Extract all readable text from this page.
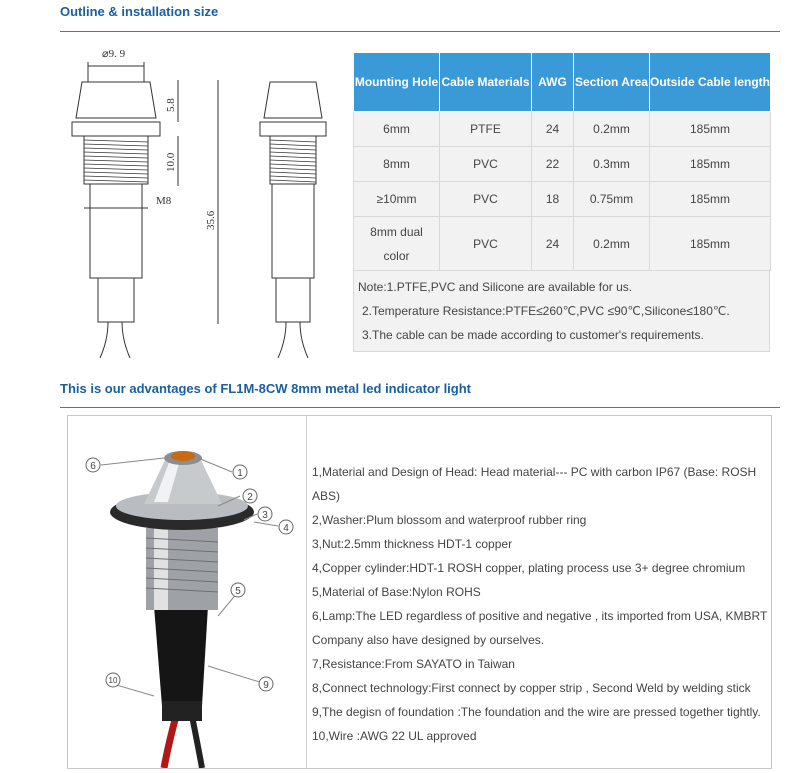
Outline & installation size
⌀9. 9
M8
5.8
10.0
35.6
Mounting Hole	Cable Materials	AWG	Section Area	Outside Cable length
6mm	PTFE	24	0.2mm	185mm
8mm	PVC	22	0.3mm	185mm
≥10mm	PVC	18	0.75mm	185mm
8mm dual color	PVC	24	0.2mm	185mm
Note:1.PTFE,PVC and Silicone are available for us.
2.Temperature Resistance:PTFE≤260℃,PVC ≤90℃,Silicone≤180℃.
3.The cable can be made according to customer's requirements.
This is our advantages of FL1M-8CW 8mm metal led indicator light
6
1
2
3
4
5
9
10
1,Material and Design of Head: Head material--- PC with carbon IP67 (Base: ROSH ABS)
2,Washer:Plum blossom and waterproof rubber ring
3,Nut:2.5mm thickness HDT-1 copper
4,Copper cylinder:HDT-1 ROSH copper, plating process use 3+ degree chromium
5,Material of Base:Nylon ROHS
6,Lamp:The LED regardless of positive and negative , its imported from USA, KMBRT Company also have designed by ourselves.
7,Resistance:From SAYATO in Taiwan
8,Connect technology:First connect by copper strip , Second Weld by welding stick
9,The degisn of foundation :The foundation and the wire are pressed together tightly.
10,Wire :AWG 22 UL approved
